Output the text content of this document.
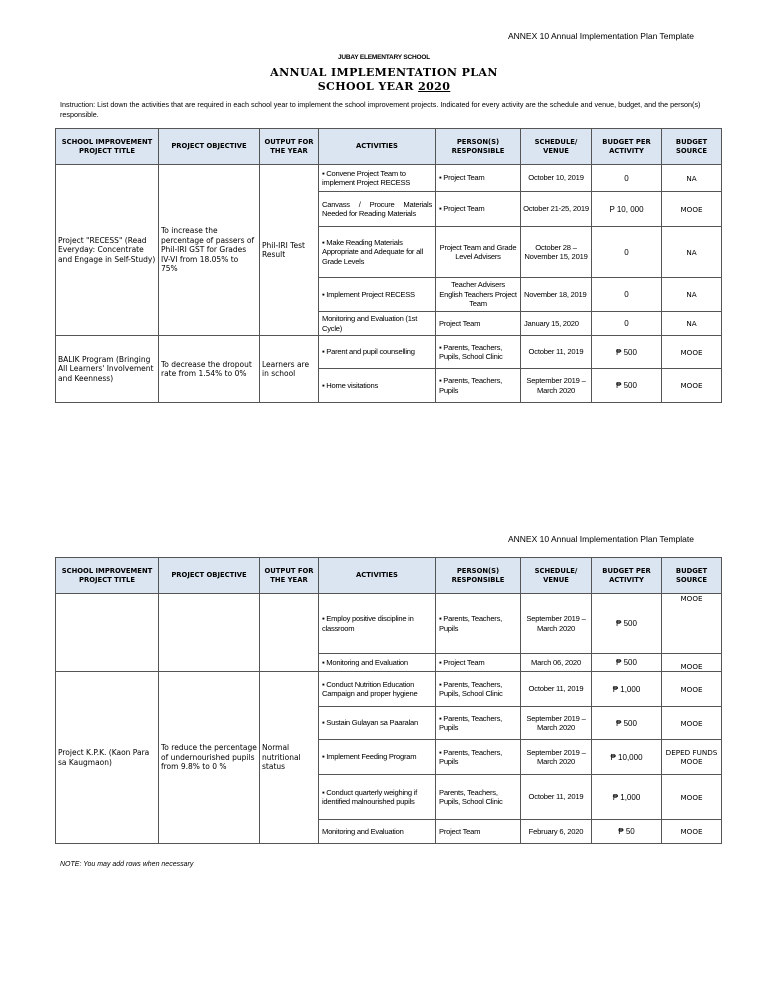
ANNEX 10 Annual Implementation Plan Template
JUBAY ELEMENTARY SCHOOL
ANNUAL IMPLEMENTATION PLAN
SCHOOL YEAR 2020
Instruction: List down the activities that are required in each school year to implement the school improvement projects. Indicated for every activity are the schedule and venue, budget, and the person(s) responsible.
SCHOOL IMPROVEMENT PROJECT TITLE	PROJECT OBJECTIVE	OUTPUT FOR THE YEAR	ACTIVITIES	PERSON(S) RESPONSIBLE	SCHEDULE/ VENUE	BUDGET PER ACTIVITY	BUDGET SOURCE
Project "RECESS" (Read Everyday: Concentrate and Engage in Self-Study)	To increase the percentage of passers of Phil-IRI GST for Grades IV-VI from 18.05% to 75%	Phil-IRI Test Result	▪ Convene Project Team to implement Project RECESS	▪ Project Team	October 10, 2019	0	NA
			Canvass / Procure Materials Needed for Reading Materials	▪ Project Team	October 21-25, 2019	P 10, 000	MOOE
			▪ Make Reading Materials Appropriate and Adequate for all Grade Levels	Project Team and Grade Level Advisers	October 28 – November 15, 2019	0	NA
			▪ Implement Project RECESS	Teacher Advisers English Teachers Project Team	November 18, 2019	0	NA
			Monitoring and Evaluation (1st Cycle)	Project Team	January 15, 2020	0	NA
BALIK Program (Bringing All Learners' Involvement and Keenness)	To decrease the dropout rate from 1.54% to 0%	Learners are in school	▪ Parent and pupil counselling	▪ Parents, Teachers, Pupils, School Clinic	October 11, 2019	₱ 500	MOOE
			▪ Home visitations	▪ Parents, Teachers, Pupils	September 2019 – March 2020	₱ 500	MOOE
ANNEX 10 Annual Implementation Plan Template
SCHOOL IMPROVEMENT PROJECT TITLE	PROJECT OBJECTIVE	OUTPUT FOR THE YEAR	ACTIVITIES	PERSON(S) RESPONSIBLE	SCHEDULE/ VENUE	BUDGET PER ACTIVITY	BUDGET SOURCE
			▪ Employ positive discipline in classroom	▪ Parents, Teachers, Pupils	September 2019 – March 2020	₱ 500	MOOE
			▪ Monitoring and Evaluation	▪ Project Team	March 06, 2020	₱ 500	MOOE
Project K.P.K. (Kaon Para sa Kaugmaon)	To reduce the percentage of undernourished pupils from 9.8% to 0 %	Normal nutritional status	▪ Conduct Nutrition Education Campaign and proper hygiene	▪ Parents, Teachers, Pupils, School Clinic	October 11, 2019	₱ 1,000	MOOE
			▪ Sustain Gulayan sa Paaralan	▪ Parents, Teachers, Pupils	September 2019 – March 2020	₱ 500	MOOE
			▪ Implement Feeding Program	▪ Parents, Teachers, Pupils	September 2019 – March 2020	₱ 10,000	DEPED FUNDS MOOE
			▪ Conduct quarterly weighing if identified malnourished pupils	Parents, Teachers, Pupils, School Clinic	October 11, 2019	₱ 1,000	MOOE
			Monitoring and Evaluation	Project Team	February 6, 2020	₱ 50	MOOE
NOTE: You may add rows when necessary
